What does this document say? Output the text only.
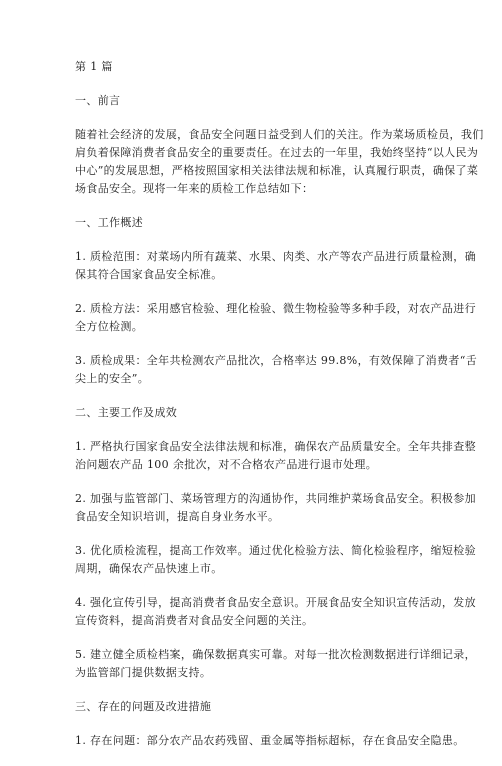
第 1 篇
一、前言
随着社会经济的发展，食品安全问题日益受到人们的关注。作为菜场质检员，我们
肩负着保障消费者食品安全的重要责任。在过去的一年里，我始终坚持“以人民为
中心”的发展思想，严格按照国家相关法律法规和标准，认真履行职责，确保了菜
场食品安全。现将一年来的质检工作总结如下：
一、工作概述
1. 质检范围：对菜场内所有蔬菜、水果、肉类、水产等农产品进行质量检测，确
保其符合国家食品安全标准。
2. 质检方法：采用感官检验、理化检验、微生物检验等多种手段，对农产品进行
全方位检测。
3. 质检成果：全年共检测农产品批次，合格率达 99.8%，有效保障了消费者“舌
尖上的安全”。
二、主要工作及成效
1. 严格执行国家食品安全法律法规和标准，确保农产品质量安全。全年共排查整
治问题农产品 100 余批次，对不合格农产品进行退市处理。
2. 加强与监管部门、菜场管理方的沟通协作，共同维护菜场食品安全。积极参加
食品安全知识培训，提高自身业务水平。
3. 优化质检流程，提高工作效率。通过优化检验方法、简化检验程序，缩短检验
周期，确保农产品快速上市。
4. 强化宣传引导，提高消费者食品安全意识。开展食品安全知识宣传活动，发放
宣传资料，提高消费者对食品安全问题的关注。
5. 建立健全质检档案，确保数据真实可靠。对每一批次检测数据进行详细记录，
为监管部门提供数据支持。
三、存在的问题及改进措施
1. 存在问题：部分农产品农药残留、重金属等指标超标，存在食品安全隐患。
